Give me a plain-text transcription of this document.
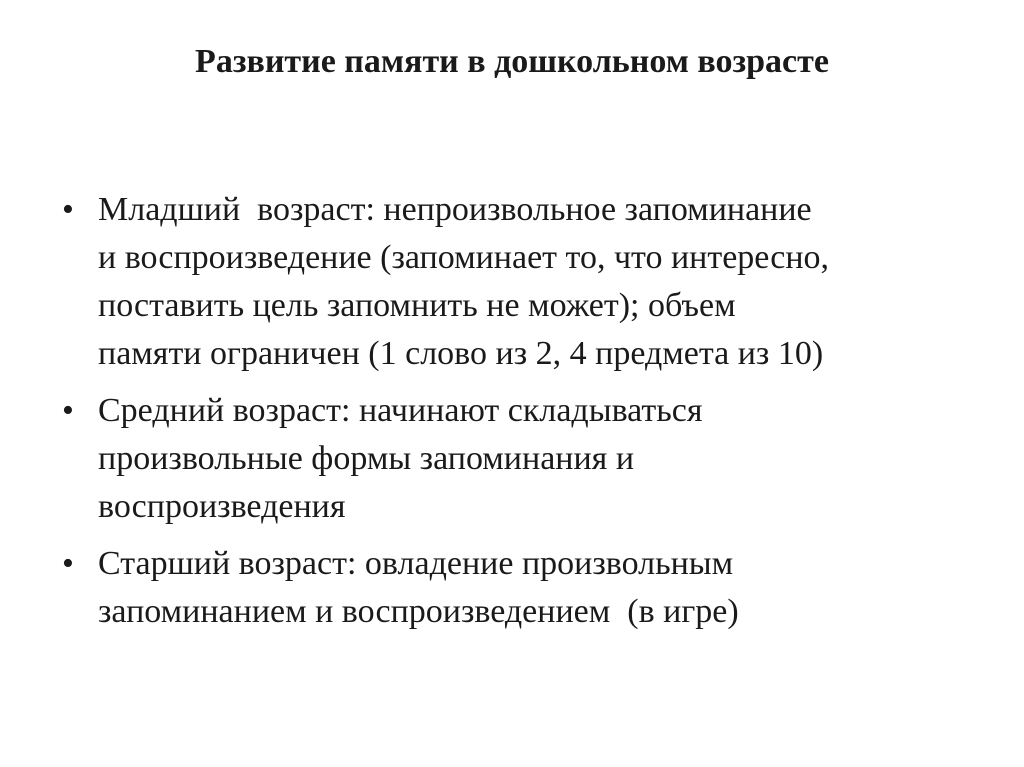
Развитие памяти в дошкольном возрасте
• Младший  возраст: непроизвольное запоминание
и воспроизведение (запоминает то, что интересно,
поставить цель запомнить не может); объем
памяти ограничен (1 слово из 2, 4 предмета из 10)
• Средний возраст: начинают складываться
произвольные формы запоминания и
воспроизведения
• Старший возраст: овладение произвольным
запоминанием и воспроизведением  (в игре)
